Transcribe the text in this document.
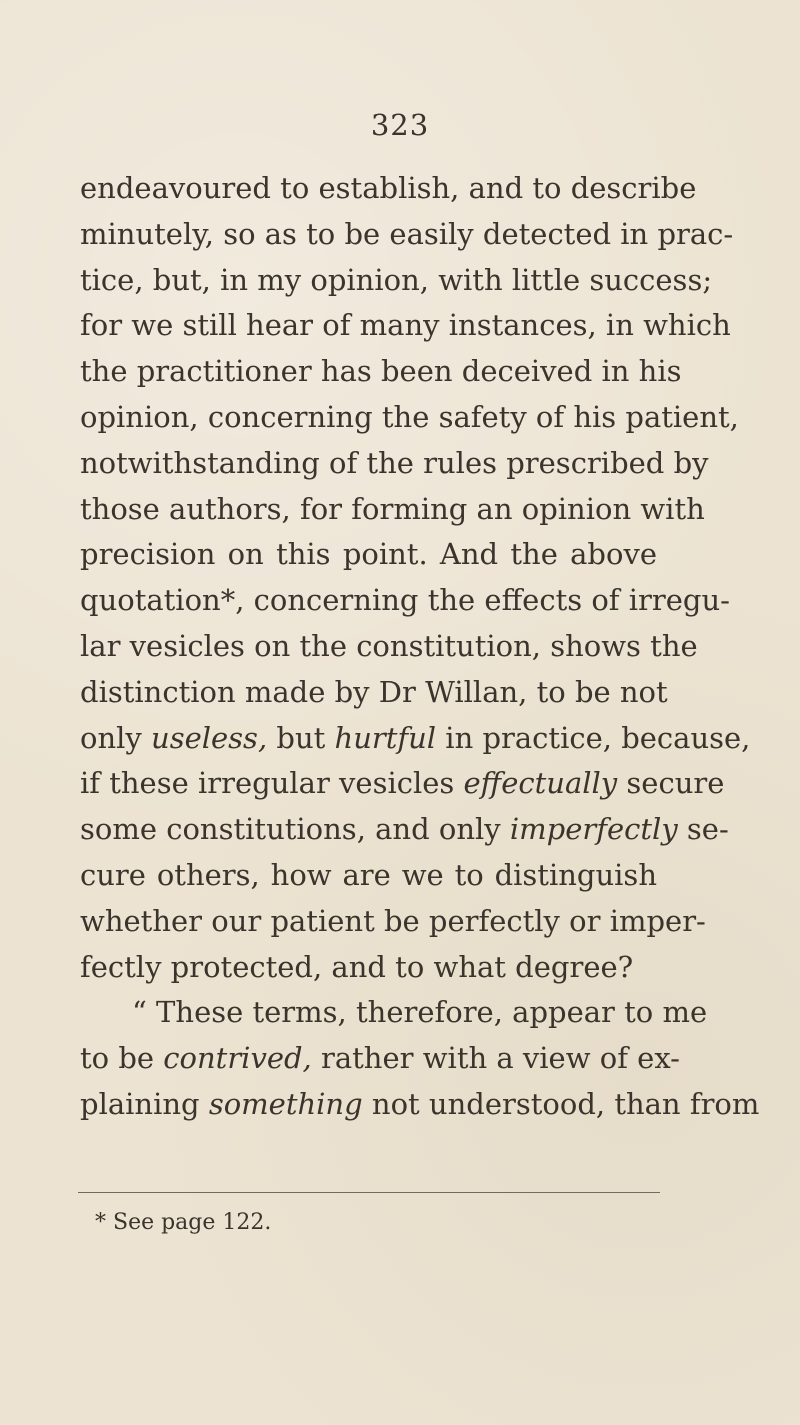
323
endeavoured to establish, and to describe
minutely, so as to be easily detected in prac-
tice, but, in my opinion, with little success;
for we still hear of many instances, in which
the practitioner has been deceived in his
opinion, concerning the safety of his patient,
notwithstanding of the rules prescribed by
those authors, for forming an opinion with
precision on this point. And the above
quotation*, concerning the effects of irregu-
lar vesicles on the constitution, shows the
distinction made by Dr Willan, to be not
only useless, but hurtful in practice, because,
if these irregular vesicles effectually secure
some constitutions, and only imperfectly se-
cure others, how are we to distinguish
whether our patient be perfectly or imper-
fectly protected, and to what degree?
“ These terms, therefore, appear to me
to be contrived, rather with a view of ex-
plaining something not understood, than from
* See page 122.
